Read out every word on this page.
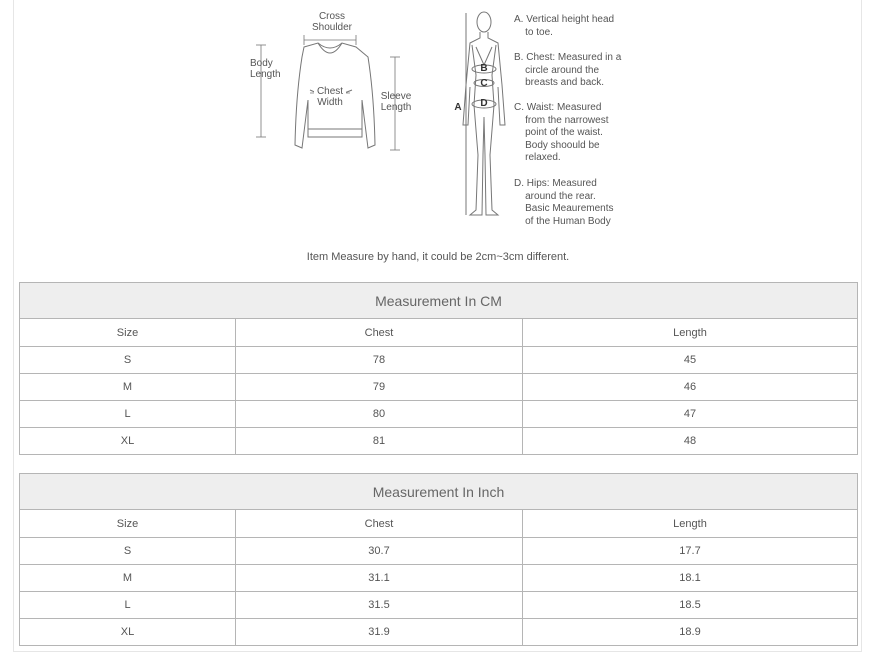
Cross
Shoulder
Body
Length
Chest
Width
Sleeve
Length	A
B
C
D
A. Vertical height head
to toe.
B. Chest: Measured in a
circle around the
breasts and back.
C. Waist: Measured
from the narrowest
point of the waist.
Body shoould be
relaxed.
D. Hips: Measured
around the rear.
Basic Meaurements
of the Human Body
Item Measure by hand, it could be 2cm~3cm different.
Measurement In CM		
Size	Chest	Length
S	78	45
M	79	46
L	80	47
XL	81	48
Measurement In Inch		
Size	Chest	Length
S	30.7	17.7
M	31.1	18.1
L	31.5	18.5
XL	31.9	18.9
